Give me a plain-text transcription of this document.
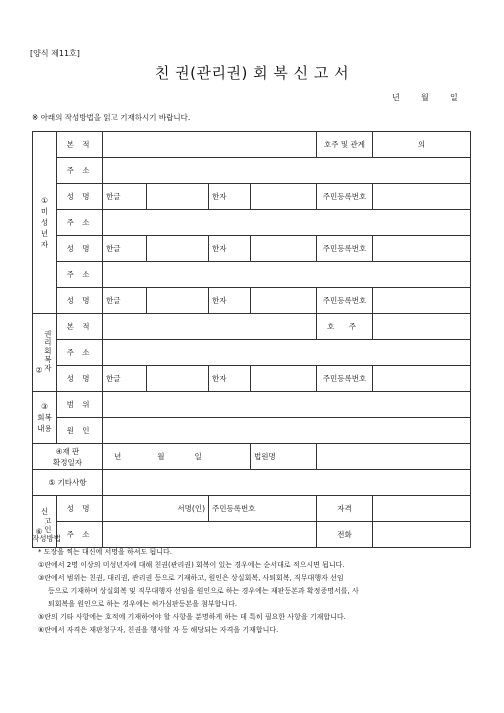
[양식 제11호]
친 권(관리권) 회 복 신 고 서
년	월	일
※ 아래의 작성방법을 읽고 기재하시기 바랍니다.
①
미
성
년
자	본 적					호주 및 관계	의
	주 소						
	성 명	한글		한자		주민등록번호	
	주 소						
	성 명	한글		한자		주민등록번호	
	주 소						
	성 명	한글		한자		주민등록번호	
②권리회복자	본 적					호 주	
	주 소						
	성 명	한글		한자		주민등록번호	

③
회복
내용	범 위						
	원 인						

④재 판
확정일자		년 월 일			법원명		
⑤ 기타사항							

신
⑥고인	성 명	서명(인)		주민등록번호		자격	
	주 소					전화	
작성방법
* 도장을 찍는 대신에 서명을 하셔도 됩니다.
①란에서 2명 이상의 미성년자에 대해 친권(관리권) 회복이 있는 경우에는 순서대로 적으시면 됩니다.
③란에서 범위는 친권, 대리권, 관리권 등으로 기재하고, 원인은 상실회복, 사퇴회복, 직무대행자 선임
등으로 기재하며 상실회복 및 직무대행자 선임을 원인으로 하는 경우에는 재판등본과 확정증명서를, 사
퇴회복을 원인으로 하는 경우에는 허가심판등본을 첨부합니다.
⑤란의 기타 사항에는 호적에 기재하여야 할 사항을 분명하게 하는 데 특히 필요한 사항을 기재합니다.
⑥란에서 자격은 재판청구자, 친권을 행사할 자 등 해당되는 자격을 기재합니다.
